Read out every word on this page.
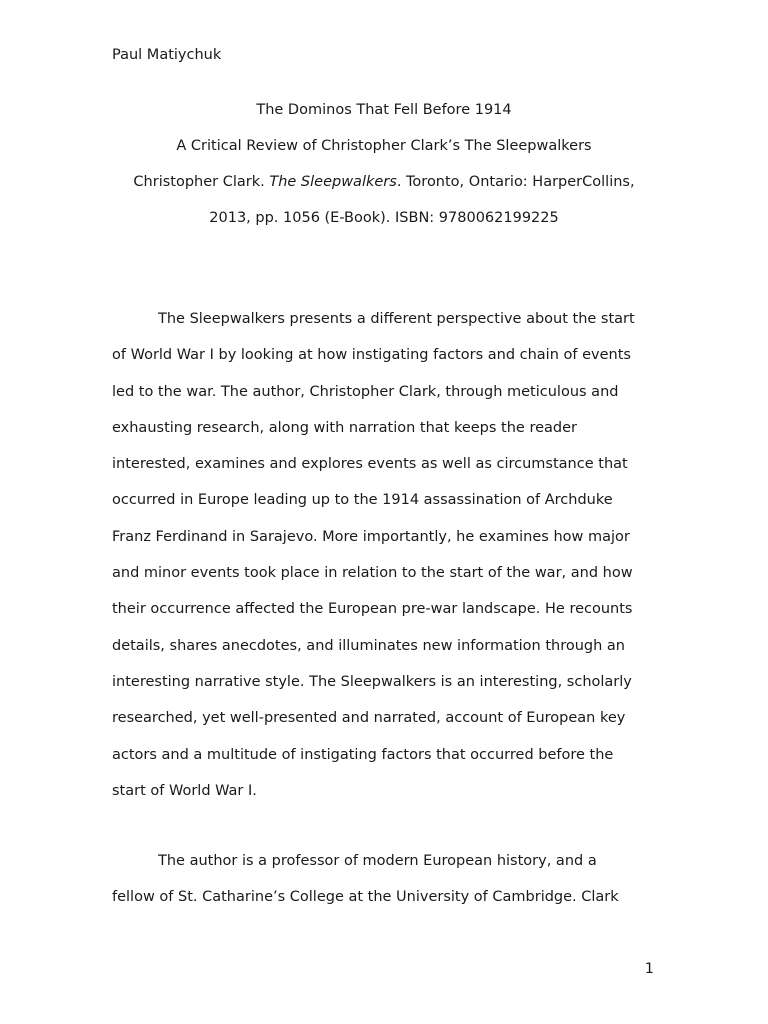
Paul Matiychuk

The Dominos That Fell Before 1914
A Critical Review of Christopher Clark’s The Sleepwalkers
Christopher Clark. The Sleepwalkers. Toronto, Ontario: HarperCollins,
2013, pp. 1056 (E-Book). ISBN: 9780062199225
The Sleepwalkers presents a different perspective about the start
of World War I by looking at how instigating factors and chain of events
led to the war. The author, Christopher Clark, through meticulous and
exhausting research, along with narration that keeps the reader
interested, examines and explores events as well as circumstance that
occurred in Europe leading up to the 1914 assassination of Archduke
Franz Ferdinand in Sarajevo. More importantly, he examines how major
and minor events took place in relation to the start of the war, and how
their occurrence affected the European pre-war landscape. He recounts
details, shares anecdotes, and illuminates new information through an
interesting narrative style. The Sleepwalkers is an interesting, scholarly
researched, yet well-presented and narrated, account of European key
actors and a multitude of instigating factors that occurred before the
start of World War I.
The author is a professor of modern European history, and a
fellow of St. Catharine’s College at the University of Cambridge. Clark
1
